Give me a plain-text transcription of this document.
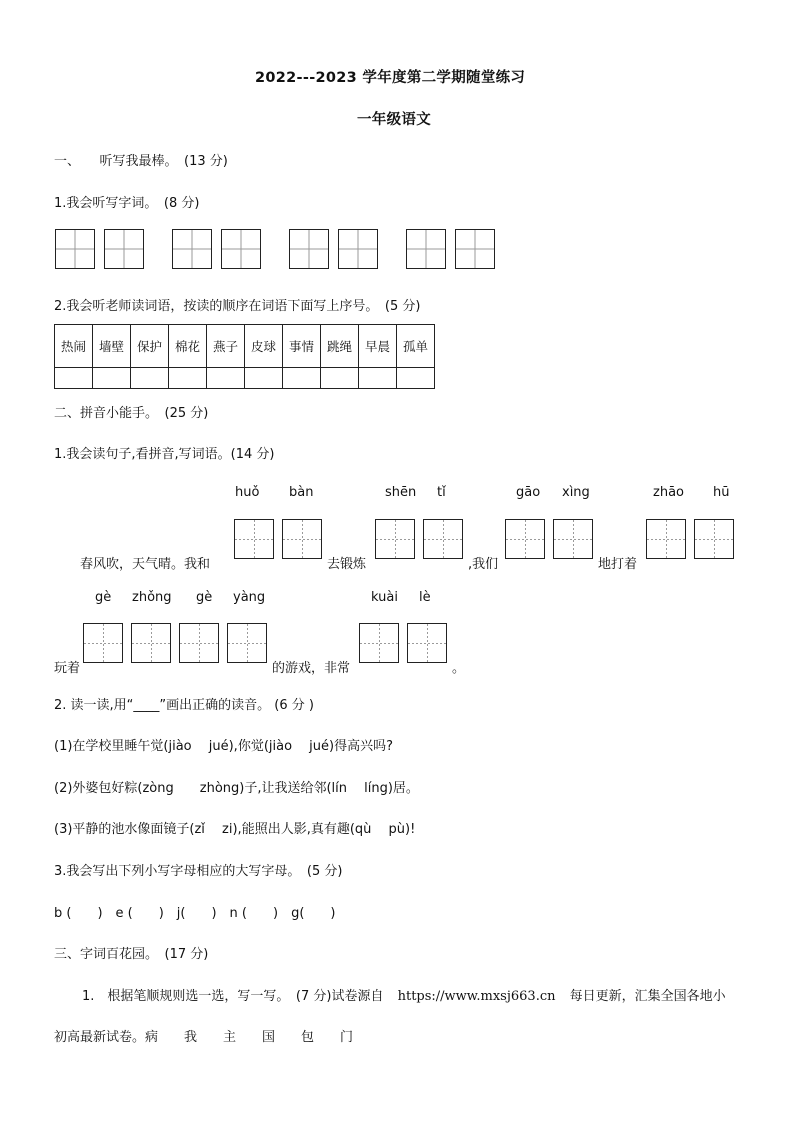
2022---2023 学年度第二学期随堂练习
一年级语文
一、　　听写我最棒。　(13 分)
1.我会听写字词。　(8 分)
2.我会听老师读词语，按读的顺序在词语下面写上序号。　(5 分)
热闹	墙壁	保护	棉花	燕子	皮球	事情	跳绳	早晨	孤单

二、拼音小能手。　(25 分)
1.我会读句子,看拼音,写词语。(14 分)
huǒ bàn	shēn tǐ	gāo xìng	zhāo hū
春风吹，天气晴。我和	去锻炼	,我们	地打着
gè zhǒng gè yàng	kuài lè
玩着	的游戏，非常	。
2. 读一读,用“____”画出正确的读音。 (6 分 )
(1)在学校里睡午觉(jiào　 jué),你觉(jiào　 jué)得高兴吗?
(2)外婆包好粽(zòng　　zhòng)子,让我送给邻(lín　 líng)居。
(3)平静的池水像面镜子(zǐ　 zi),能照出人影,真有趣(qù　 pù)!
3.我会写出下列小写字母相应的大写字母。　(5 分)
b (　　)　e (　　)　j(　　)　n (　　)　g(　　)
三、字词百花园。　(17 分)
1.　根据笔顺规则选一选，写一写。　(7 分)试卷源自 https://www.mxsj663.cn 每日更新，汇集全国各地小
初高最新试卷。病　　我　　主　　国　　包　　门
